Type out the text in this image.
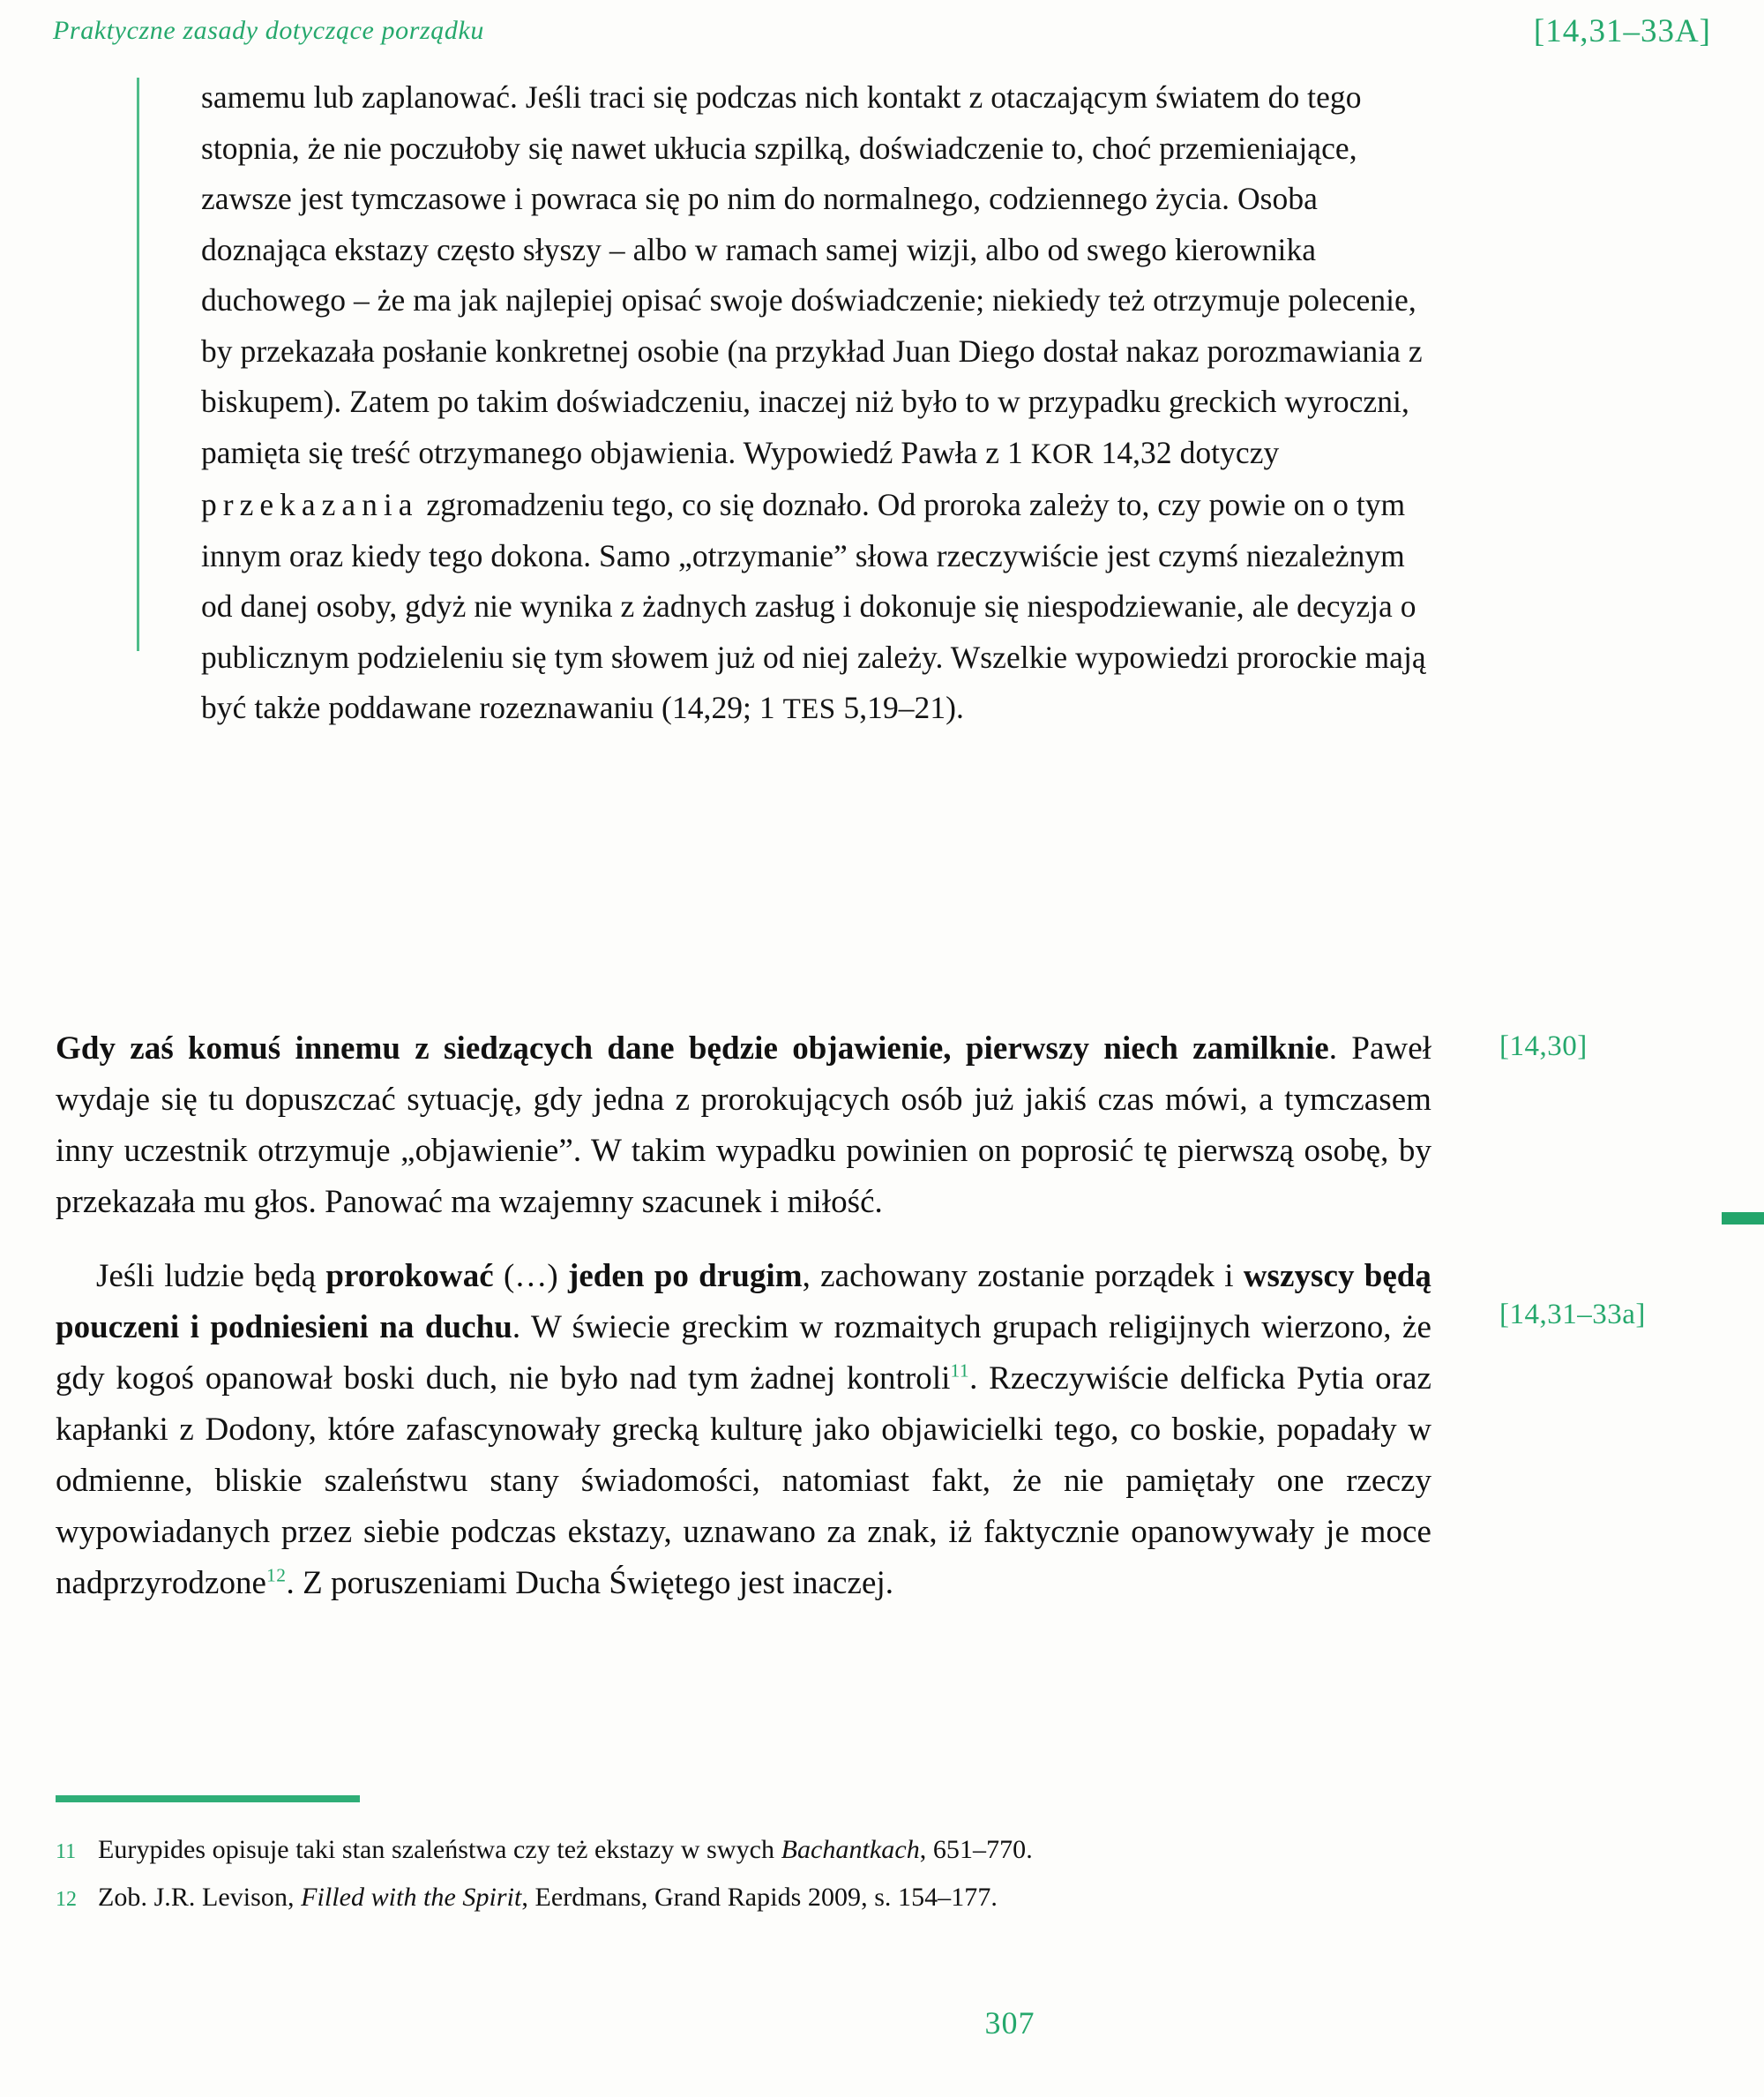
Praktyczne zasady dotyczące porządku	[14,31–33A]
samemu lub zaplanować. Jeśli traci się podczas nich kontakt z otaczającym światem do tego stopnia, że nie poczułoby się nawet ukłucia szpilką, doświadczenie to, choć przemieniające, zawsze jest tymczasowe i powraca się po nim do normalnego, codziennego życia. Osoba doznająca ekstazy często słyszy – albo w ramach samej wizji, albo od swego kierownika duchowego – że ma jak najlepiej opisać swoje doświadczenie; niekiedy też otrzymuje polecenie, by przekazała posłanie konkretnej osobie (na przykład Juan Diego dostał nakaz porozmawiania z biskupem). Zatem po takim doświadczeniu, inaczej niż było to w przypadku greckich wyroczni, pamięta się treść otrzymanego objawienia. Wypowiedź Pawła z 1 KOR 14,32 dotyczy przekazania zgromadzeniu tego, co się doznało. Od proroka zależy to, czy powie on o tym innym oraz kiedy tego dokona. Samo „otrzymanie” słowa rzeczywiście jest czymś niezależnym od danej osoby, gdyż nie wynika z żadnych zasług i dokonuje się niespodziewanie, ale decyzja o publicznym podzieleniu się tym słowem już od niej zależy. Wszelkie wypowiedzi prorockie mają być także poddawane rozeznawaniu (14,29; 1 TES 5,19–21).

Gdy zaś komuś innemu z siedzących dane będzie objawienie, pierwszy niech zamilknie. Paweł wydaje się tu dopuszczać sytuację, gdy jedna z prorokujących osób już jakiś czas mówi, a tymczasem inny uczestnik otrzymuje „objawienie”. W takim wypadku powinien on poprosić tę pierwszą osobę, by przekazała mu głos. Panować ma wzajemny szacunek i miłość.

Jeśli ludzie będą prorokować (…) jeden po drugim, zachowany zostanie porządek i wszyscy będą pouczeni i podniesieni na duchu. W świecie greckim w rozmaitych grupach religijnych wierzono, że gdy kogoś opanował boski duch, nie było nad tym żadnej kontroli$^{11}$. Rzeczywiście delficka Pytia oraz kapłanki z Dodony, które zafascynowały grecką kulturę jako objawicielki tego, co boskie, popadały w odmienne, bliskie szaleństwu stany świadomości, natomiast fakt, że nie pamiętały one rzeczy wypowiadanych przez siebie podczas ekstazy, uznawano za znak, iż faktycznie opanowywały je moce nadprzyrodzone$^{12}$. Z poruszeniami Ducha Świętego jest inaczej.

[14,30]
[14,31–33a]
11 Eurypides opisuje taki stan szaleństwa czy też ekstazy w swych Bachantkach, 651–770.
12 Zob. J.R. Levison, Filled with the Spirit, Eerdmans, Grand Rapids 2009, s. 154–177.
307
